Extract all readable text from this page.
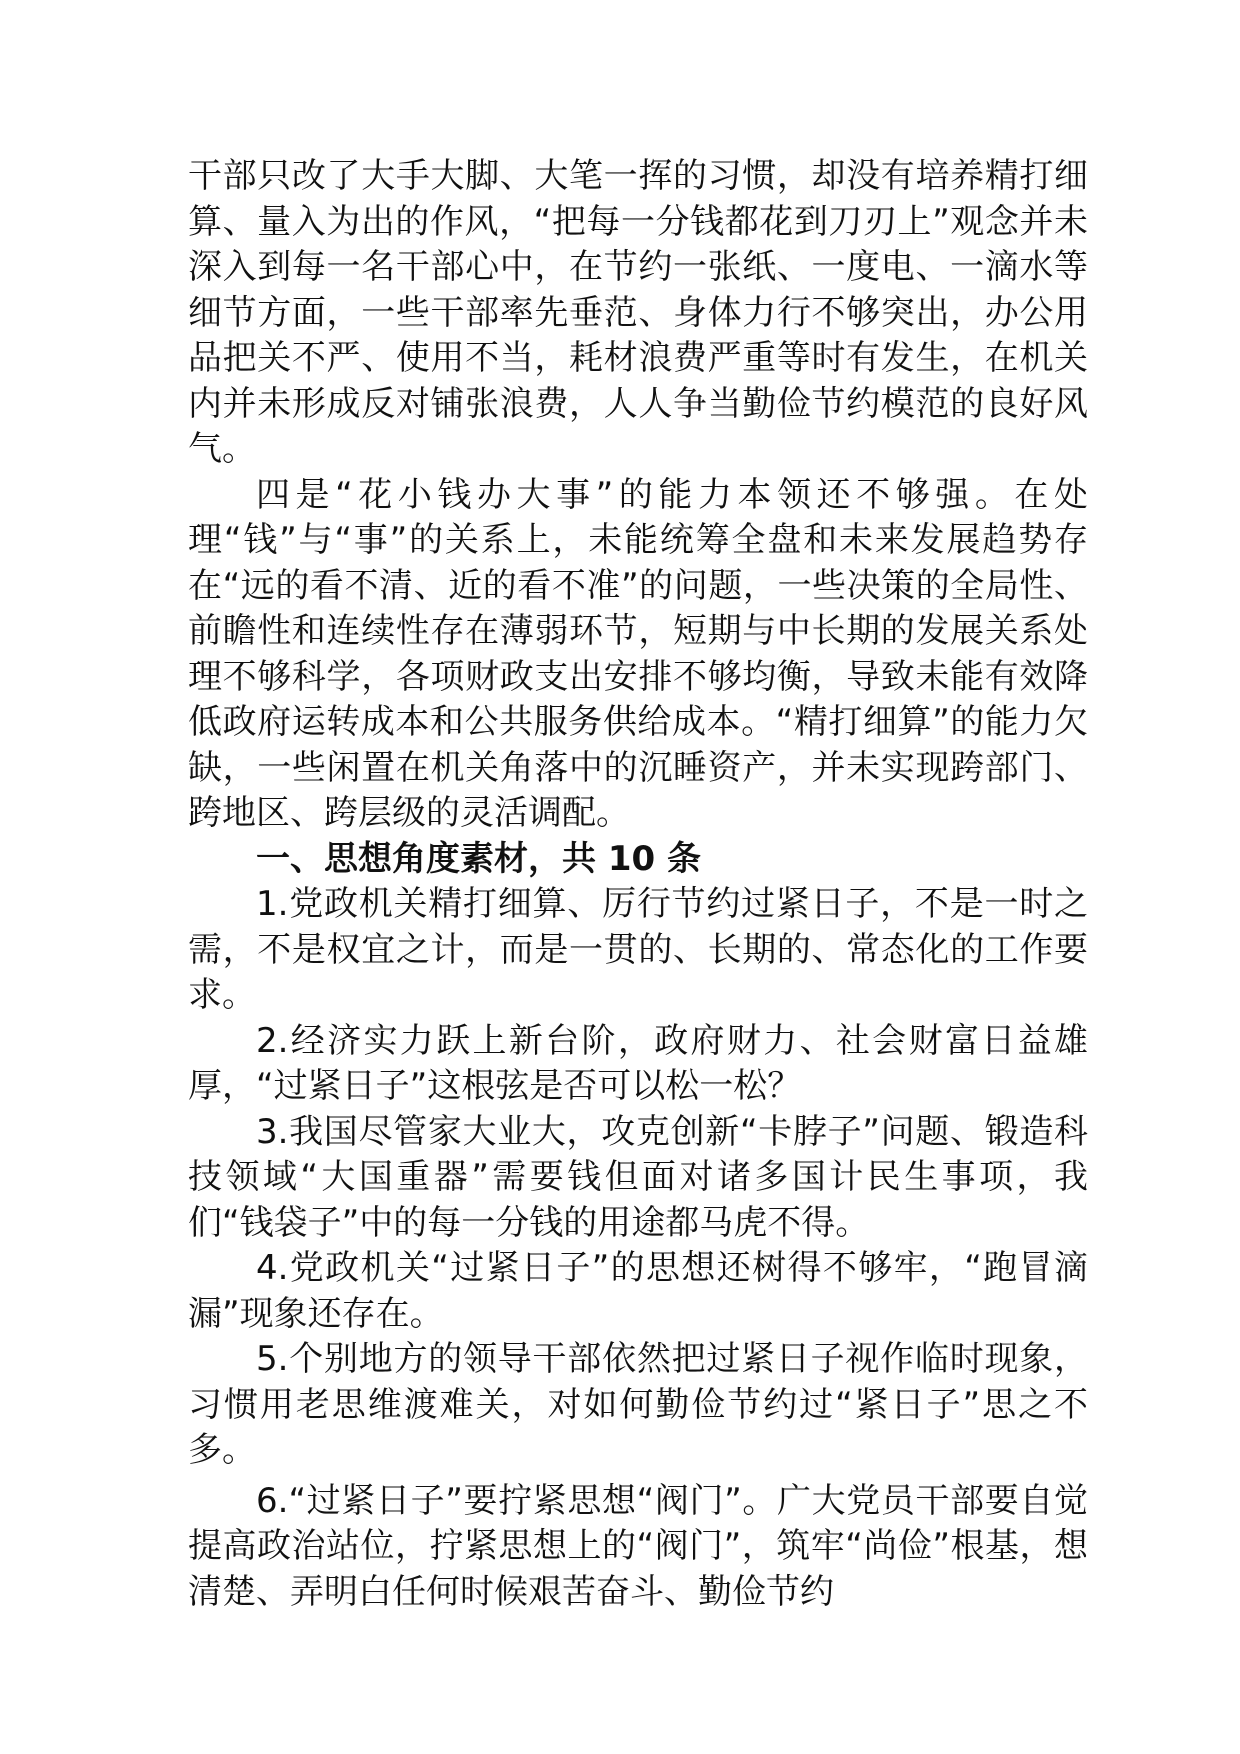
干部只改了大手大脚、大笔一挥的习惯，却没有培养精打细算、量入为出的作风，“把每一分钱都花到刀刃上”观念并未深入到每一名干部心中，在节约一张纸、一度电、一滴水等细节方面，一些干部率先垂范、身体力行不够突出，办公用品把关不严、使用不当，耗材浪费严重等时有发生，在机关内并未形成反对铺张浪费，人人争当勤俭节约模范的良好风气。

四是“花小钱办大事”的能力本领还不够强。在处理“钱”与“事”的关系上，未能统筹全盘和未来发展趋势存在“远的看不清、近的看不准”的问题，一些决策的全局性、前瞻性和连续性存在薄弱环节，短期与中长期的发展关系处理不够科学，各项财政支出安排不够均衡，导致未能有效降低政府运转成本和公共服务供给成本。“精打细算”的能力欠缺，一些闲置在机关角落中的沉睡资产，并未实现跨部门、跨地区、跨层级的灵活调配。

一、思想角度素材，共 10 条

1.党政机关精打细算、厉行节约过紧日子，不是一时之需，不是权宜之计，而是一贯的、长期的、常态化的工作要求。

2.经济实力跃上新台阶，政府财力、社会财富日益雄厚，“过紧日子”这根弦是否可以松一松？

3.我国尽管家大业大，攻克创新“卡脖子”问题、锻造科技领域“大国重器”需要钱但面对诸多国计民生事项，我们“钱袋子”中的每一分钱的用途都马虎不得。

4.党政机关“过紧日子”的思想还树得不够牢，“跑冒滴漏”现象还存在。

5.个别地方的领导干部依然把过紧日子视作临时现象，习惯用老思维渡难关，对如何勤俭节约过“紧日子”思之不多。

6.“过紧日子”要拧紧思想“阀门”。广大党员干部要自觉提高政治站位，拧紧思想上的“阀门”，筑牢“尚俭”根基，想清楚、弄明白任何时候艰苦奋斗、勤俭节约
